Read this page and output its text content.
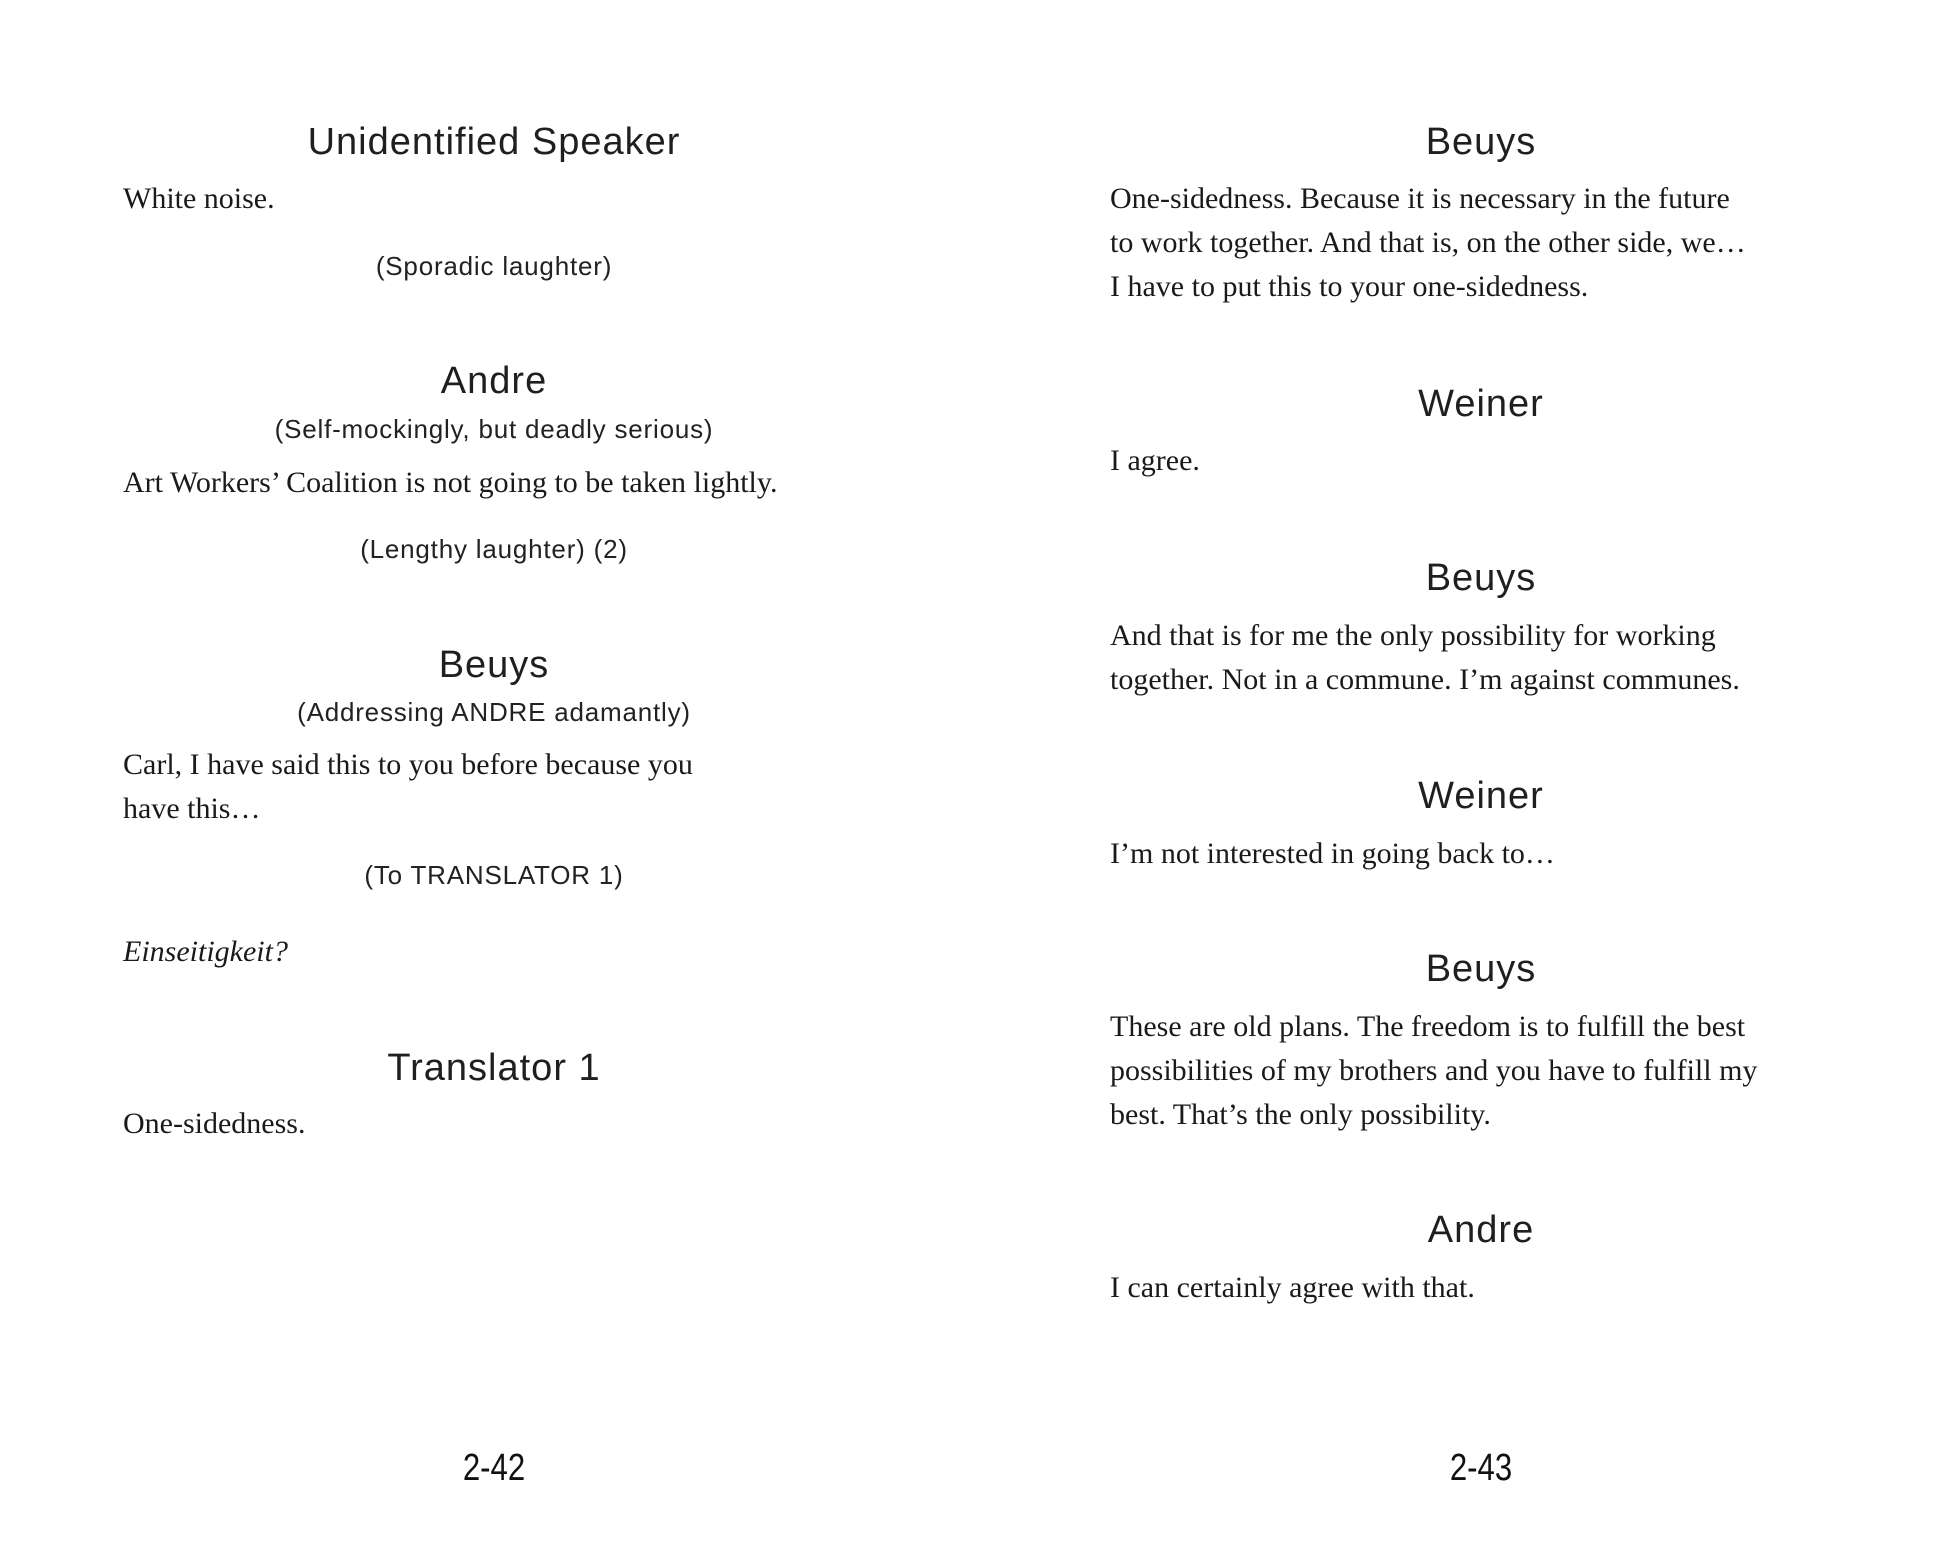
Unidentified Speaker
White noise.
(Sporadic laughter)
Andre
(Self-mockingly, but deadly serious)
Art Workers’ Coalition is not going to be taken lightly.
(Lengthy laughter) (2)
Beuys
(Addressing ANDRE adamantly)
Carl, I have said this to you before because you
have this…
(To TRANSLATOR 1)
Einseitigkeit?
Translator 1
One-sidedness.
2-42
Beuys
One-sidedness. Because it is necessary in the future
to work together. And that is, on the other side, we…
I have to put this to your one-sidedness.
Weiner
I agree.
Beuys
And that is for me the only possibility for working
together. Not in a commune. I’m against communes.
Weiner
I’m not interested in going back to…
Beuys
These are old plans. The freedom is to fulfill the best
possibilities of my brothers and you have to fulfill my
best. That’s the only possibility.
Andre
I can certainly agree with that.
2-43
